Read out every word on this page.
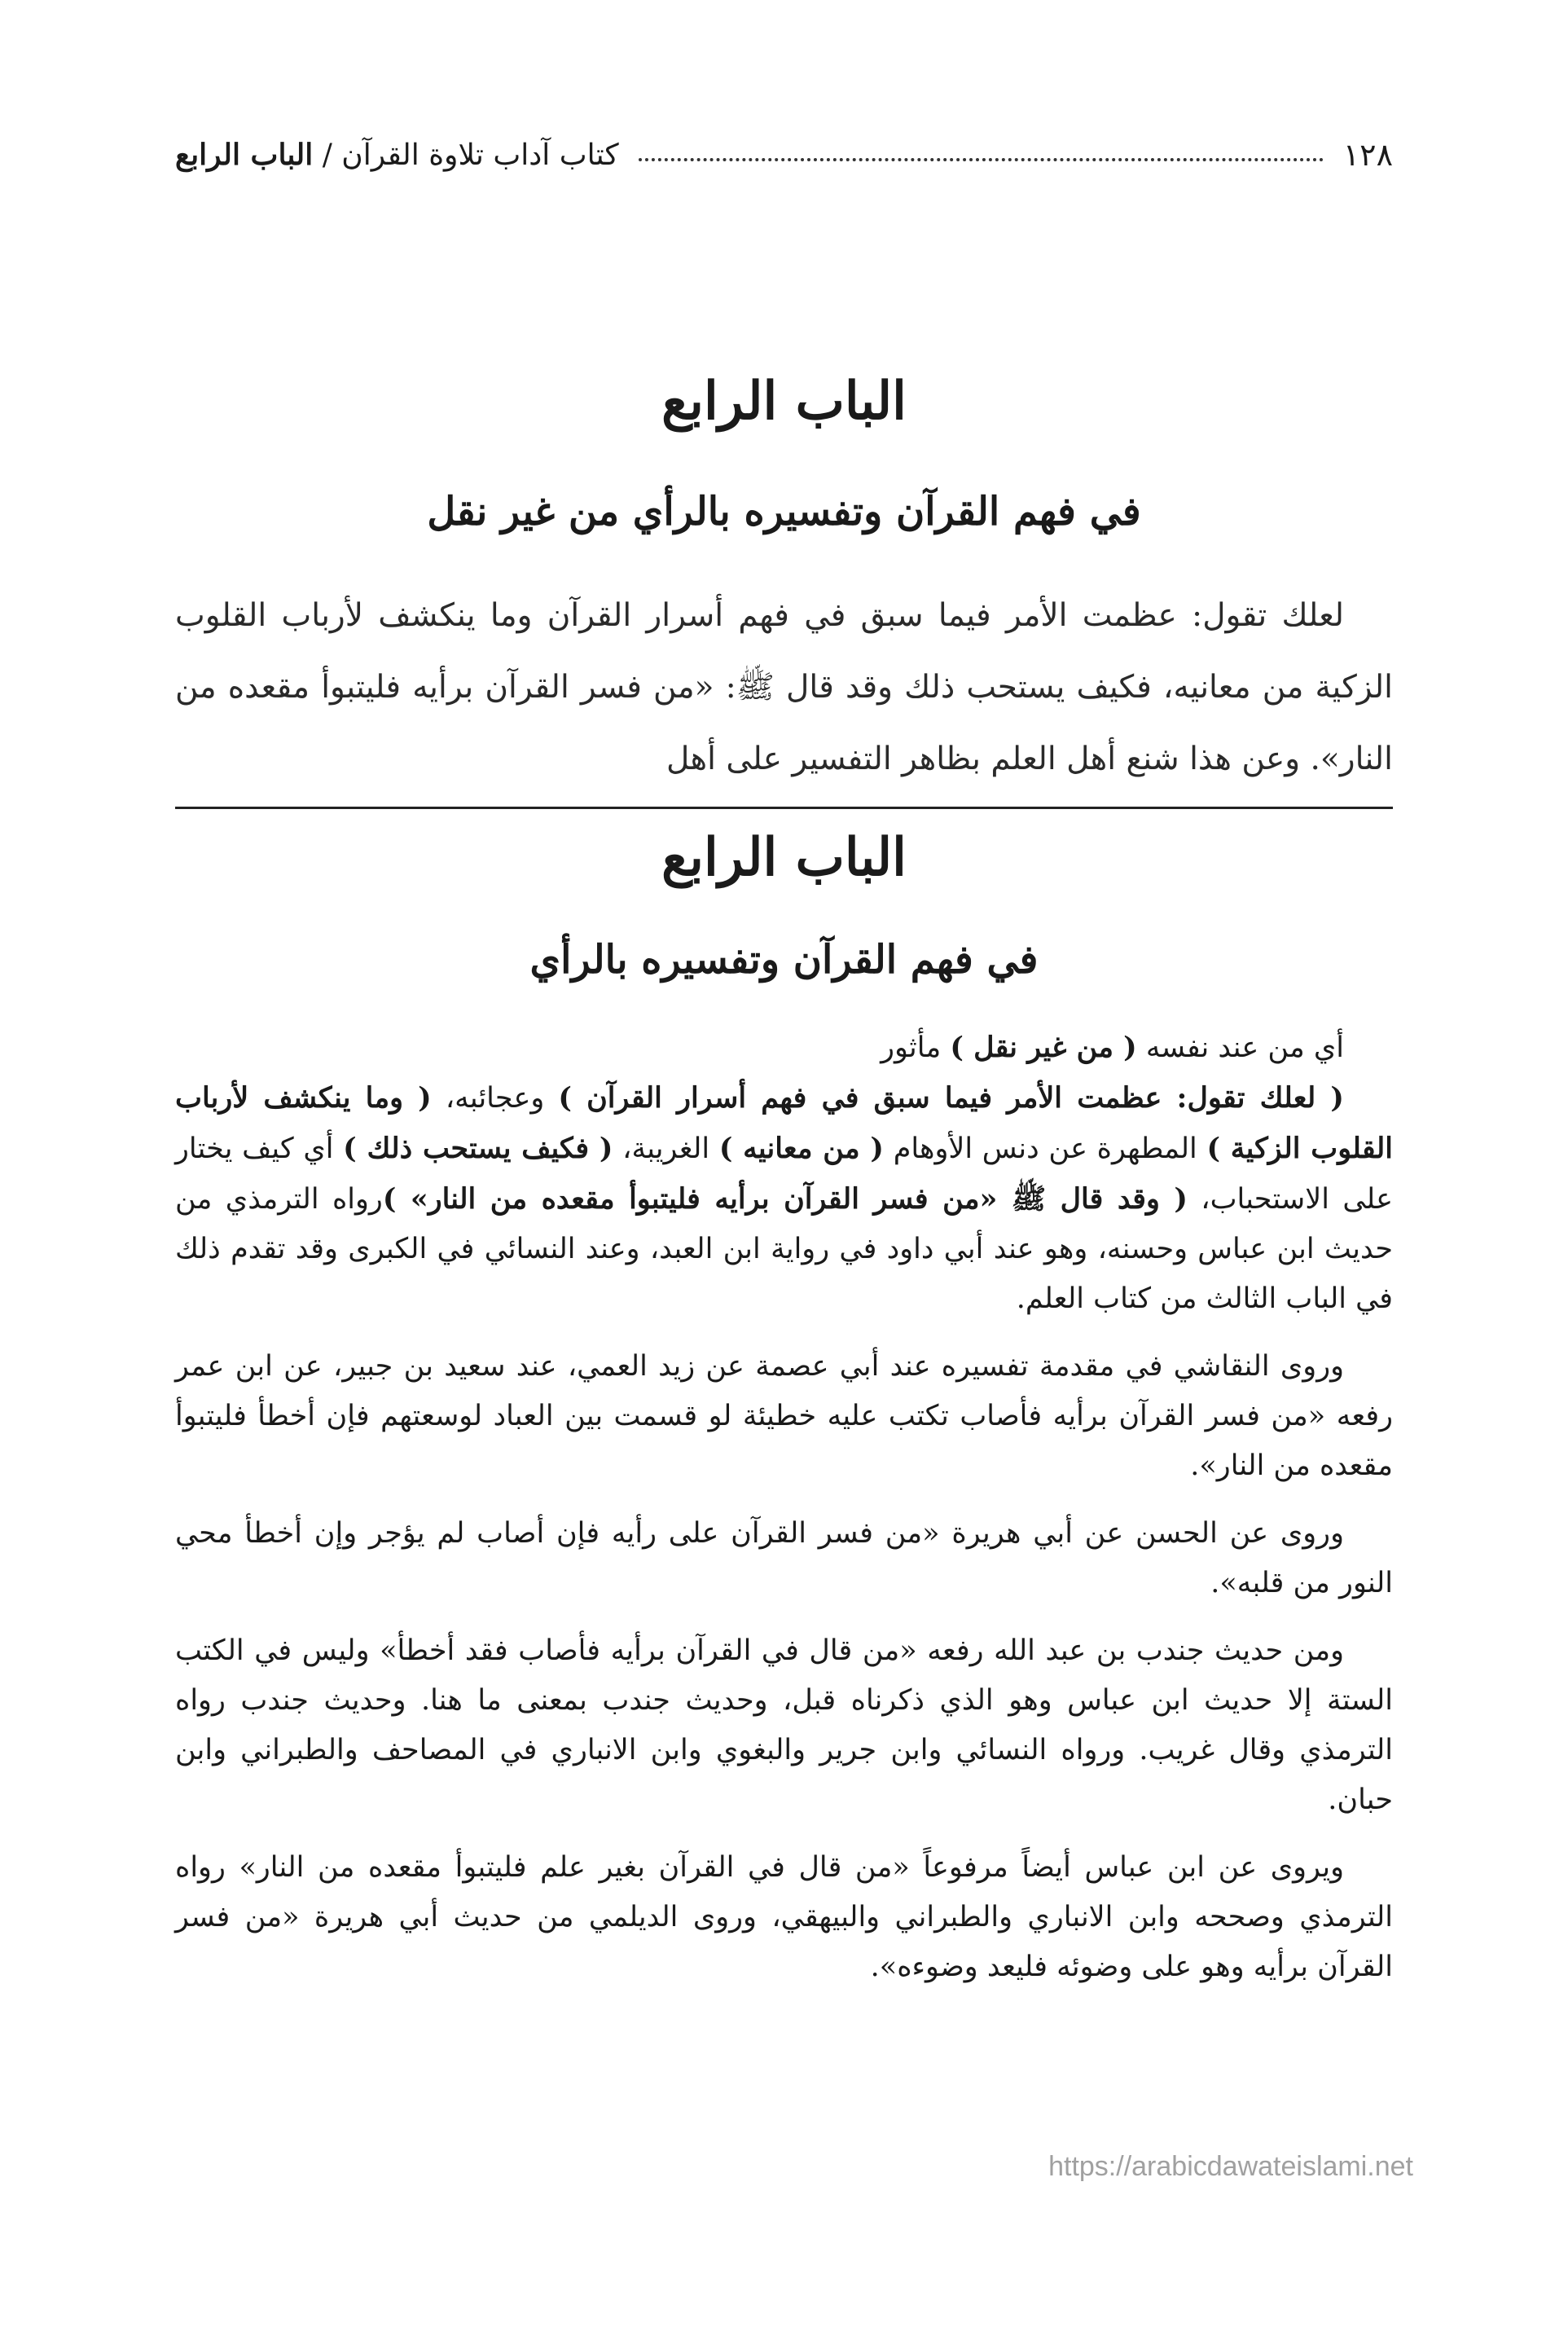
١٢٨
كتاب آداب تلاوة القرآن / الباب الرابع
الباب الرابع
في فهم القرآن وتفسيره بالرأي من غير نقل

لعلك تقول: عظمت الأمر فيما سبق في فهم أسرار القرآن وما ينكشف لأرباب القلوب الزكية من معانيه، فكيف يستحب ذلك وقد قال ﷺ: «من فسر القرآن برأيه فليتبوأ مقعده من النار». وعن هذا شنع أهل العلم بظاهر التفسير على أهل

الباب الرابع
في فهم القرآن وتفسيره بالرأي

أي من عند نفسه ( من غير نقل ) مأثور

( لعلك تقول: عظمت الأمر فيما سبق في فهم أسرار القرآن ) وعجائبه، ( وما ينكشف لأرباب القلوب الزكية ) المطهرة عن دنس الأوهام ( من معانيه ) الغريبة، ( فكيف يستحب ذلك ) أي كيف يختار على الاستحباب، ( وقد قال ﷺ «من فسر القرآن برأيه فليتبوأ مقعده من النار» )رواه الترمذي من حديث ابن عباس وحسنه، وهو عند أبي داود في رواية ابن العبد، وعند النسائي في الكبرى وقد تقدم ذلك في الباب الثالث من كتاب العلم.

وروى النقاشي في مقدمة تفسيره عند أبي عصمة عن زيد العمي، عند سعيد بن جبير، عن ابن عمر رفعه «من فسر القرآن برأيه فأصاب تكتب عليه خطيئة لو قسمت بين العباد لوسعتهم فإن أخطأ فليتبوأ مقعده من النار».

وروى عن الحسن عن أبي هريرة «من فسر القرآن على رأيه فإن أصاب لم يؤجر وإن أخطأ محي النور من قلبه».

ومن حديث جندب بن عبد الله رفعه «من قال في القرآن برأيه فأصاب فقد أخطأ» وليس في الكتب الستة إلا حديث ابن عباس وهو الذي ذكرناه قبل، وحديث جندب بمعنى ما هنا. وحديث جندب رواه الترمذي وقال غريب. ورواه النسائي وابن جرير والبغوي وابن الانباري في المصاحف والطبراني وابن حبان.

ويروى عن ابن عباس أيضاً مرفوعاً «من قال في القرآن بغير علم فليتبوأ مقعده من النار» رواه الترمذي وصححه وابن الانباري والطبراني والبيهقي، وروى الديلمي من حديث أبي هريرة «من فسر القرآن برأيه وهو على وضوئه فليعد وضوءه».

https://arabicdawateislami.net
